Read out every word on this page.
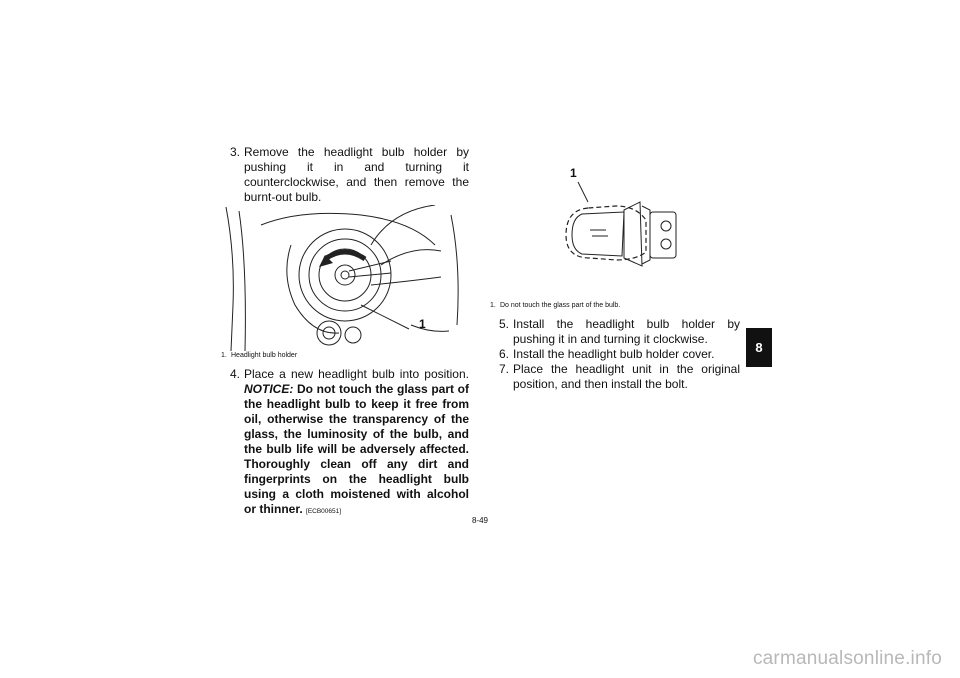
3. Remove the headlight bulb holder by pushing it in and turning it counterclockwise, and then remove the burnt-out bulb.

1
1. Headlight bulb holder
4. Place a new headlight bulb into position. NOTICE: Do not touch the glass part of the headlight bulb to keep it free from oil, otherwise the transparency of the glass, the luminosity of the bulb, and the bulb life will be adversely affected. Thoroughly clean off any dirt and fingerprints on the headlight bulb using a cloth moistened with alcohol or thinner. [ECB00651]

1
1. Do not touch the glass part of the bulb.
5. Install the headlight bulb holder by pushing it in and turning it clockwise.

6. Install the headlight bulb holder cover.

7. Place the headlight unit in the original position, and then install the bolt.

8
8-49
carmanualsonline.info
